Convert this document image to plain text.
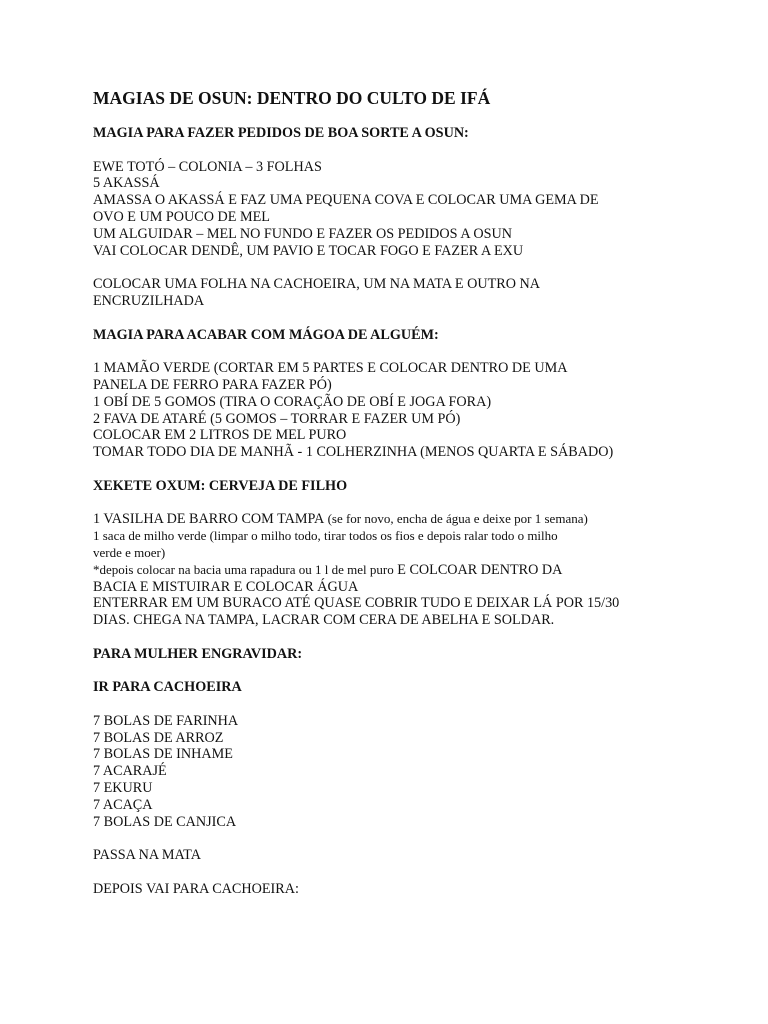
MAGIAS DE OSUN: DENTRO DO CULTO DE IFÁ
MAGIA PARA FAZER PEDIDOS DE BOA SORTE A OSUN:
EWE TOTÓ – COLONIA – 3 FOLHAS
5 AKASSÁ
AMASSA O AKASSÁ E FAZ UMA PEQUENA COVA E COLOCAR UMA GEMA DE
OVO E UM POUCO DE MEL
UM ALGUIDAR – MEL NO FUNDO E FAZER OS PEDIDOS A OSUN
VAI COLOCAR DENDÊ, UM PAVIO E TOCAR FOGO E FAZER A EXU
COLOCAR UMA FOLHA NA CACHOEIRA, UM NA MATA E OUTRO NA
ENCRUZILHADA
MAGIA PARA ACABAR COM MÁGOA DE ALGUÉM:
1 MAMÃO VERDE (CORTAR EM 5 PARTES E COLOCAR DENTRO DE UMA
PANELA DE FERRO PARA FAZER PÓ)
1 OBÍ DE 5 GOMOS (TIRA O CORAÇÃO DE OBÍ E JOGA FORA)
2 FAVA DE ATARÉ (5 GOMOS – TORRAR E FAZER UM PÓ)
COLOCAR EM 2 LITROS DE MEL PURO
TOMAR TODO DIA DE MANHÃ - 1 COLHERZINHA (MENOS QUARTA E SÁBADO)
XEKETE OXUM: CERVEJA DE FILHO
1 VASILHA DE BARRO COM TAMPA (se for novo, encha de água e deixe por 1 semana)
1 saca de milho verde (limpar o milho todo, tirar todos os fios e depois ralar todo o milho
verde e moer)
*depois colocar na bacia uma rapadura ou 1 l de mel puro E COLCOAR DENTRO DA
BACIA E MISTUIRAR E COLOCAR ÁGUA
ENTERRAR EM UM BURACO ATÉ QUASE COBRIR TUDO E DEIXAR LÁ POR 15/30
DIAS. CHEGA NA TAMPA, LACRAR COM CERA DE ABELHA E SOLDAR.
PARA MULHER ENGRAVIDAR:
IR PARA CACHOEIRA
7 BOLAS DE FARINHA
7 BOLAS DE ARROZ
7 BOLAS DE INHAME
7 ACARAJÉ
7 EKURU
7 ACAÇA
7 BOLAS DE CANJICA
PASSA NA MATA
DEPOIS VAI PARA CACHOEIRA:
